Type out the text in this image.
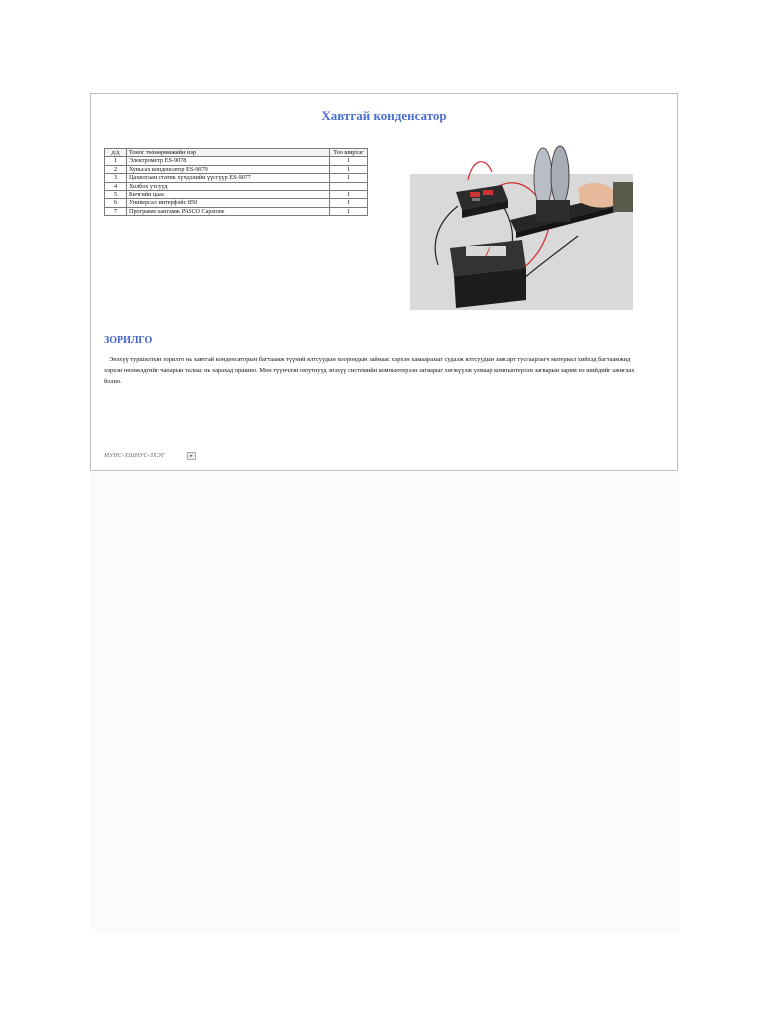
Хавтгай конденсатор
д/д	Тоног төхөөрөмжийн нэр	Тоо ширхэг
1	Электрометр ES-9078	1
2	Хувьсах конденсатор ES-9079	1
3	Цахилгаан статик хүчдэлийн үүсгүүр ES-9077	1
4	Холбох утсууд	
5	Бичгийн цаас	1
6	Универсал интерфэйс 850	1
7	Программ хангамж PASCO Capstone	1
ЗОРИЛГО
Энэхүү туршилтын зорилго нь хавтгай конденсаторын багтаамж түүний ялтсуудын хоорондын зайнаас хэрхэн хамаарахыг судалж ялтсуудын завсарт тусгаарлагч материал хийхэд багтаамжид хэрхэн нөлөөлдгийг чанарын талаас нь харахад оршино. Мөн түүнчлэн оюутнууд энэхүү системийн компьютерээн загварыг хөгжүүлж улмаар компьютерээн загварын зарим нэ шийдийг ажиглах болно.
МУИС-ХШИУС-ЗХЭТ	▸
